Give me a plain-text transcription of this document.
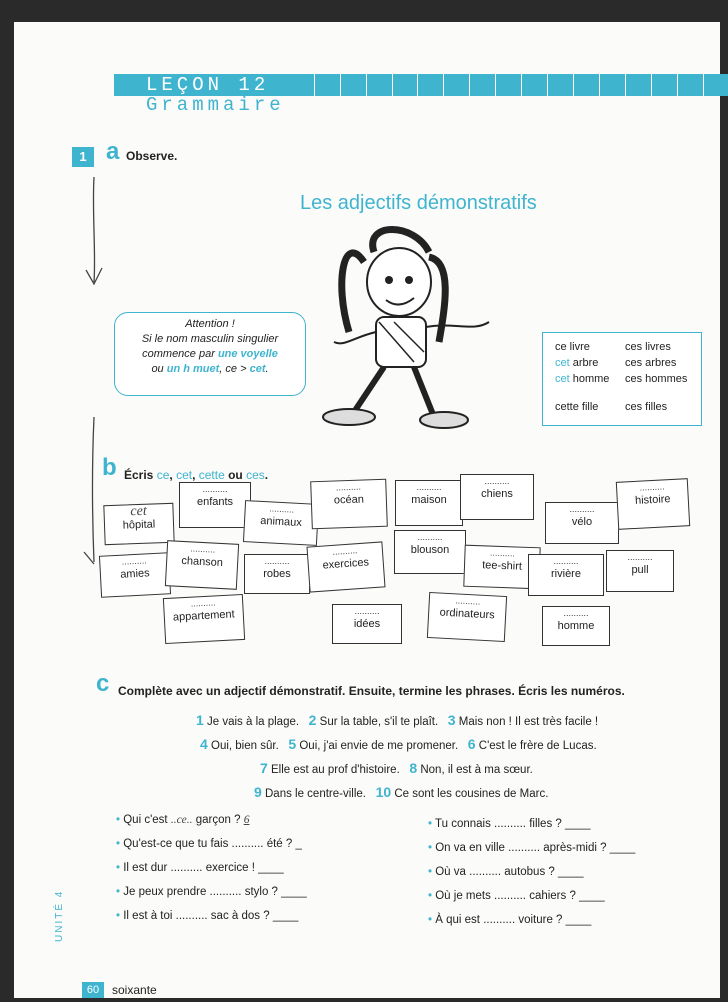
LEÇON 12
Grammaire
1 a Observe.
Les adjectifs démonstratifs
Attention !
Si le nom masculin singulier
commence par une voyelle
ou un h muet, ce > cet.
ce livre	ces livres
cet arbre	ces arbres
cet homme	ces hommes
cette fille	ces filles
b Écris ce, cet, cette ou ces.
cet
hôpital
..........
enfants
..........
animaux
..........
océan
..........
maison
..........
chiens
..........
vélo
..........
histoire
..........
amies
..........
chanson	..........
robes
..........
exercices
..........
blouson	..........
tee-shirt	..........
rivière
..........
pull
..........
appartement	..........
idées
..........
ordinateurs	..........
homme
c Complète avec un adjectif démonstratif. Ensuite, termine les phrases. Écris les numéros.
1 Je vais à la plage. 2 Sur la table, s'il te plaît. 3 Mais non ! Il est très facile !
4 Oui, bien sûr. 5 Oui, j'ai envie de me promener. 6 C'est le frère de Lucas.
7 Elle est au prof d'histoire. 8 Non, il est à ma sœur.
9 Dans le centre-ville. 10 Ce sont les cousines de Marc.
• Qui c'est ..ce.. garçon ? 6
• Qu'est-ce que tu fais .......... été ? _
• Il est dur .......... exercice ! ____
• Je peux prendre .......... stylo ? ____
• Il est à toi .......... sac à dos ? ____
• Tu connais .......... filles ? ____
• On va en ville .......... après-midi ? ____
• Où va .......... autobus ? ____
• Où je mets .......... cahiers ? ____
• À qui est .......... voiture ? ____
UNITÉ 4
60	soixante
